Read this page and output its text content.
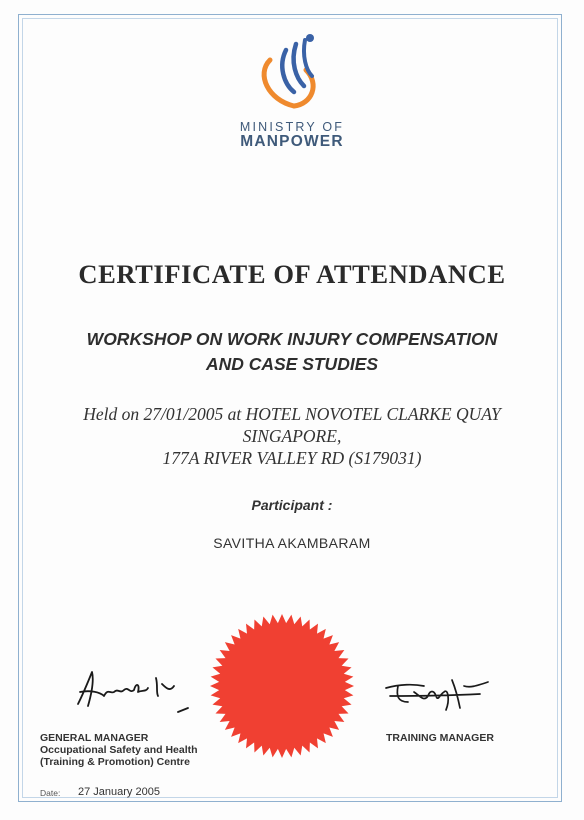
MINISTRY OF
MANPOWER
CERTIFICATE OF ATTENDANCE
WORKSHOP ON WORK INJURY COMPENSATION
AND CASE STUDIES
Held on 27/01/2005 at HOTEL NOVOTEL CLARKE QUAY
SINGAPORE,
177A RIVER VALLEY RD (S179031)
Participant :
SAVITHA AKAMBARAM
GENERAL MANAGER
Occupational Safety and Health
(Training & Promotion) Centre
TRAINING MANAGER
Date: 27 January 2005
